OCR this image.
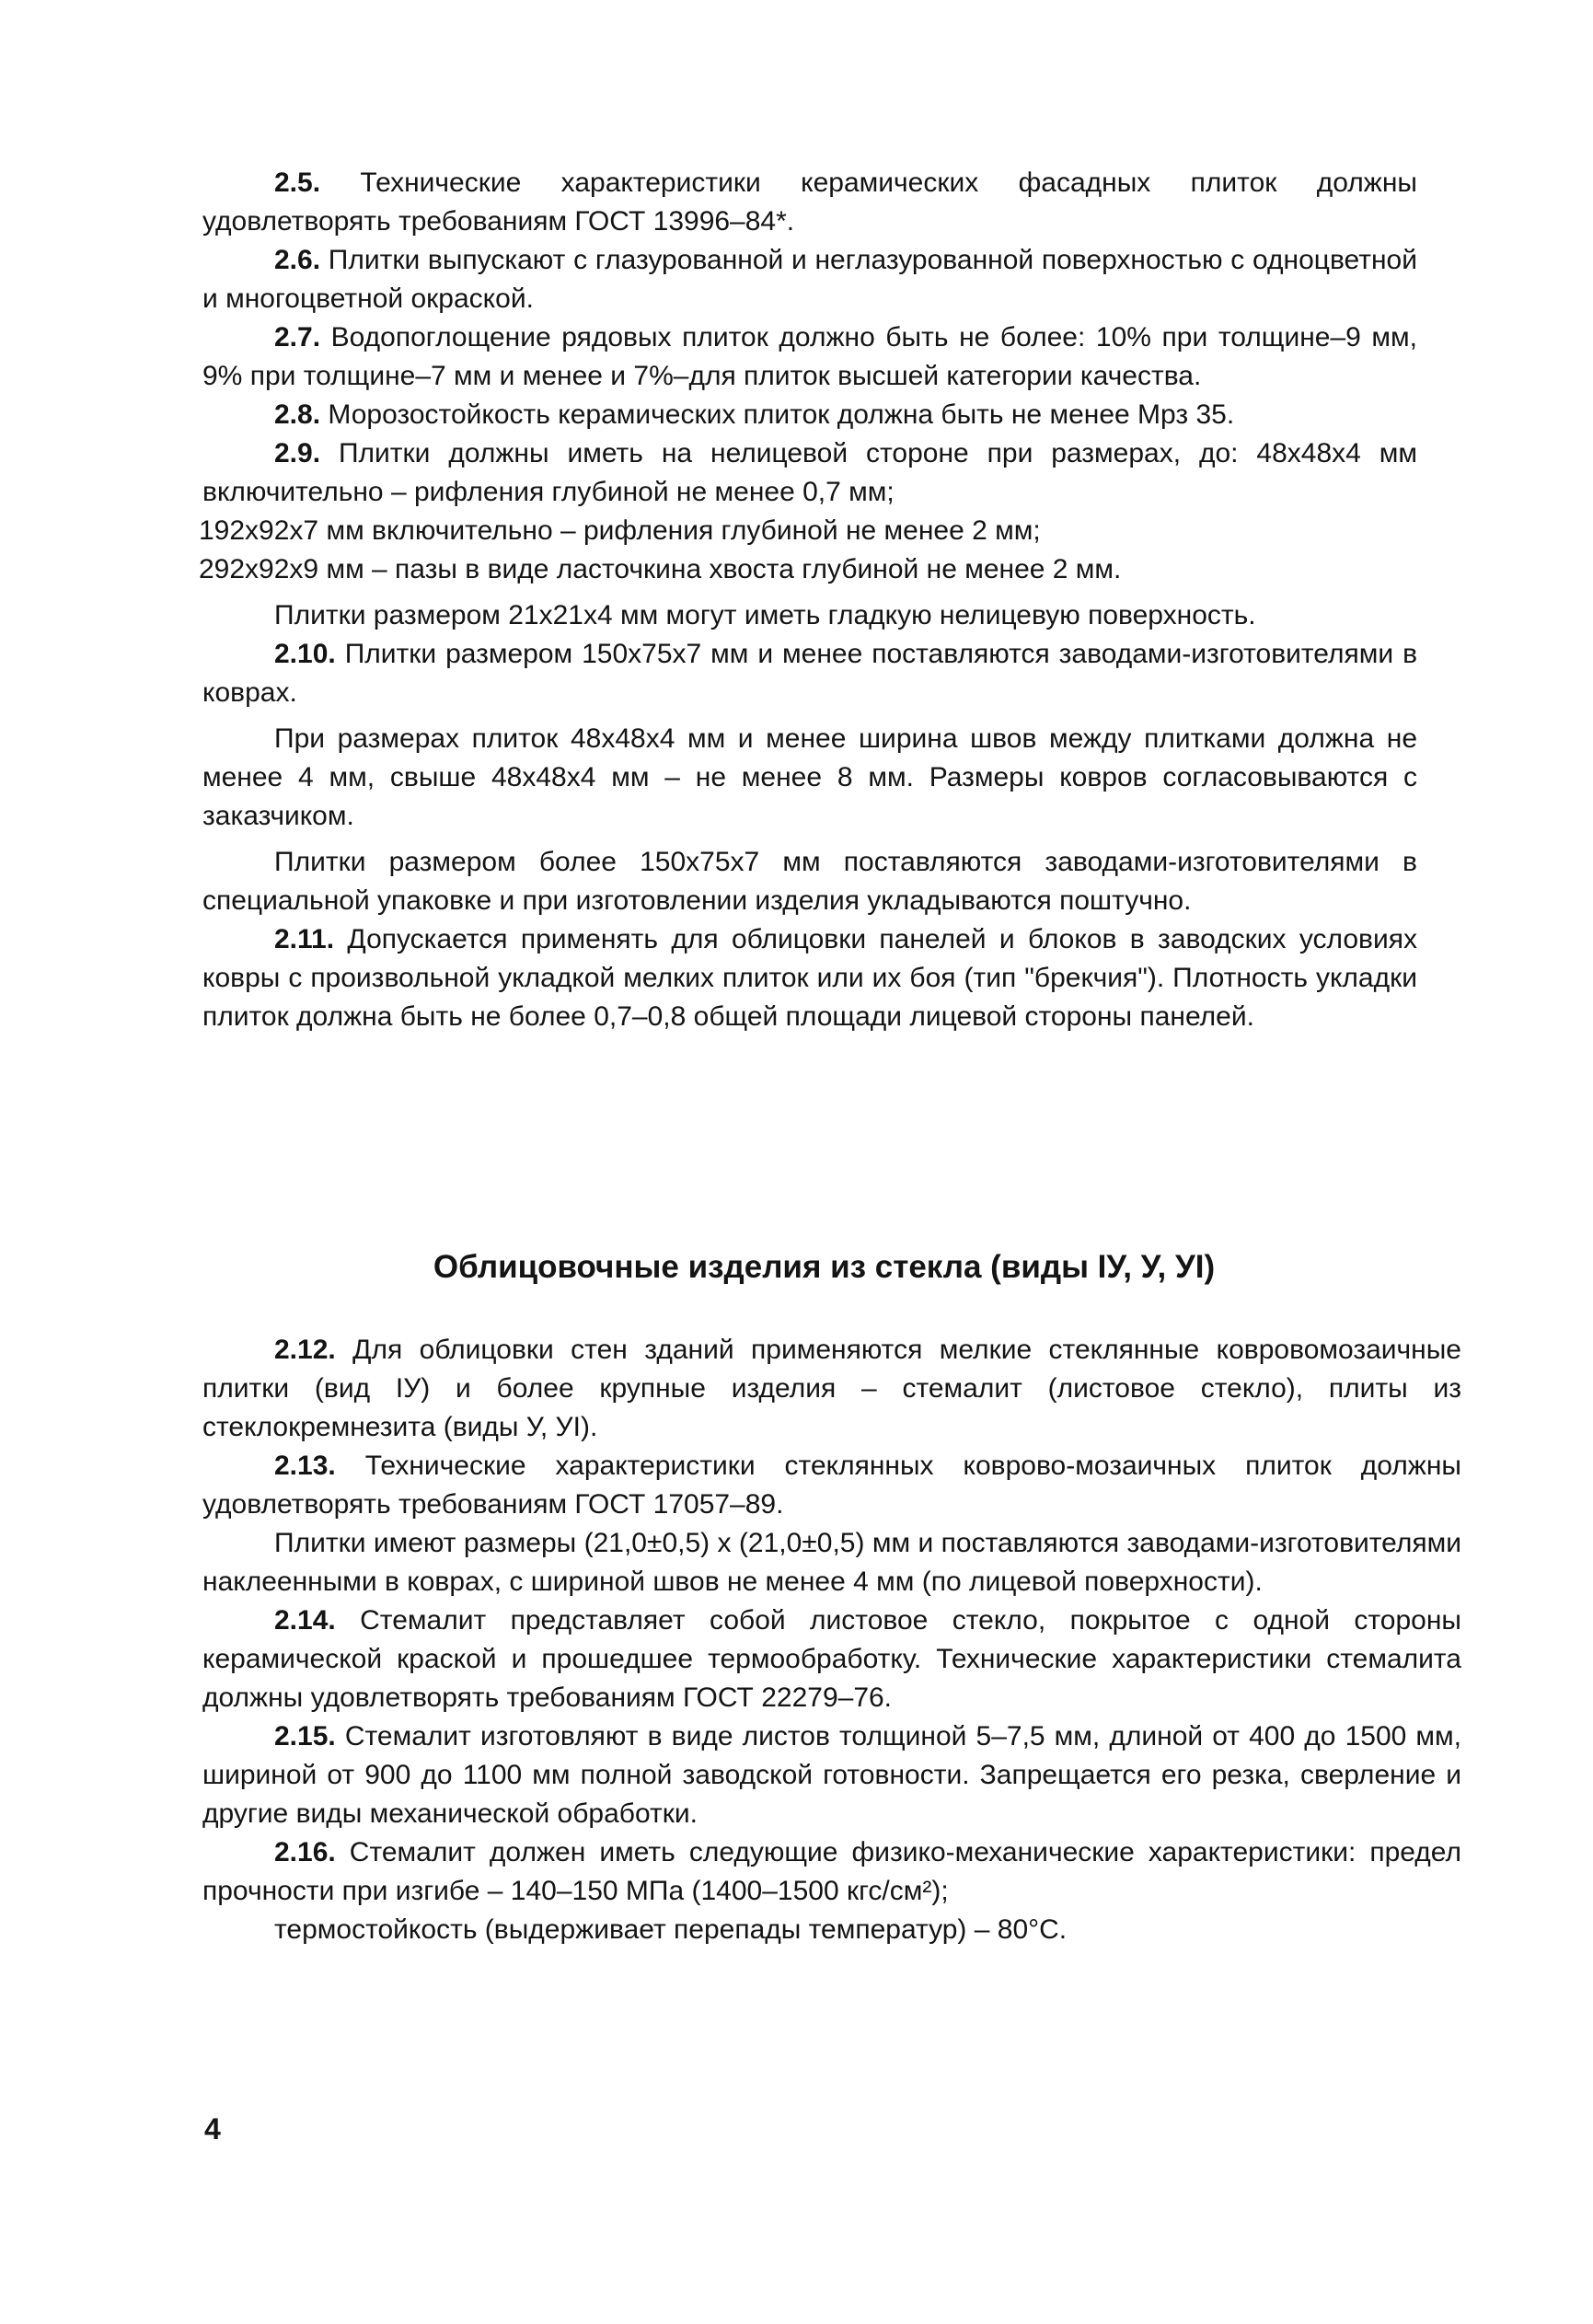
2.5. Технические характеристики керамических фасадных плиток должны удовлетворять требованиям ГОСТ 13996–84*.

2.6. Плитки выпускают с глазурованной и неглазурованной поверхностью с одноцветной и многоцветной окраской.

2.7. Водопоглощение рядовых плиток должно быть не более: 10% при толщине–9 мм, 9% при толщине–7 мм и менее и 7%–для плиток высшей категории качества.

2.8. Морозостойкость керамических плиток должна быть не менее Мрз 35.

2.9. Плитки должны иметь на нелицевой стороне при размерах, до: 48х48х4 мм включительно – рифления глубиной не менее 0,7 мм;

192х92х7 мм включительно – рифления глубиной не менее 2 мм;

292х92х9 мм – пазы в виде ласточкина хвоста глубиной не менее 2 мм.

Плитки размером 21х21х4 мм могут иметь гладкую нелицевую поверхность.

2.10. Плитки размером 150х75х7 мм и менее поставляются заводами-изготовителями в коврах.

При размерах плиток 48х48х4 мм и менее ширина швов между плитками должна не менее 4 мм, свыше 48х48х4 мм – не менее 8 мм. Размеры ковров согласовываются с заказчиком.

Плитки размером более 150х75х7 мм поставляются заводами-изготовителями в специальной упаковке и при изготовлении изделия укладываются поштучно.

2.11. Допускается применять для облицовки панелей и блоков в заводских условиях ковры с произвольной укладкой мелких плиток или их боя (тип "брекчия"). Плотность укладки плиток должна быть не более 0,7–0,8 общей площади лицевой стороны панелей.

Облицовочные изделия из стекла (виды IУ, У, УI)

2.12. Для облицовки стен зданий применяются мелкие стеклянные ковровомозаичные плитки (вид IУ) и более крупные изделия – стемалит (листовое стекло), плиты из стеклокремнезита (виды У, УI).

2.13. Технические характеристики стеклянных коврово-мозаичных плиток должны удовлетворять требованиям ГОСТ 17057–89.

Плитки имеют размеры (21,0±0,5) х (21,0±0,5) мм и поставляются заводами-изготовителями наклеенными в коврах, с шириной швов не менее 4 мм (по лицевой поверхности).

2.14. Стемалит представляет собой листовое стекло, покрытое с одной стороны керамической краской и прошедшее термообработку. Технические характеристики стемалита должны удовлетворять требованиям ГОСТ 22279–76.

2.15. Стемалит изготовляют в виде листов толщиной 5–7,5 мм, длиной от 400 до 1500 мм, шириной от 900 до 1100 мм полной заводской готовности. Запрещается его резка, сверление и другие виды механической обработки.

2.16. Стемалит должен иметь следующие физико-механические характеристики: предел прочности при изгибе – 140–150 МПа (1400–1500 кгс/см²);

термостойкость (выдерживает перепады температур) – 80°С.

4
